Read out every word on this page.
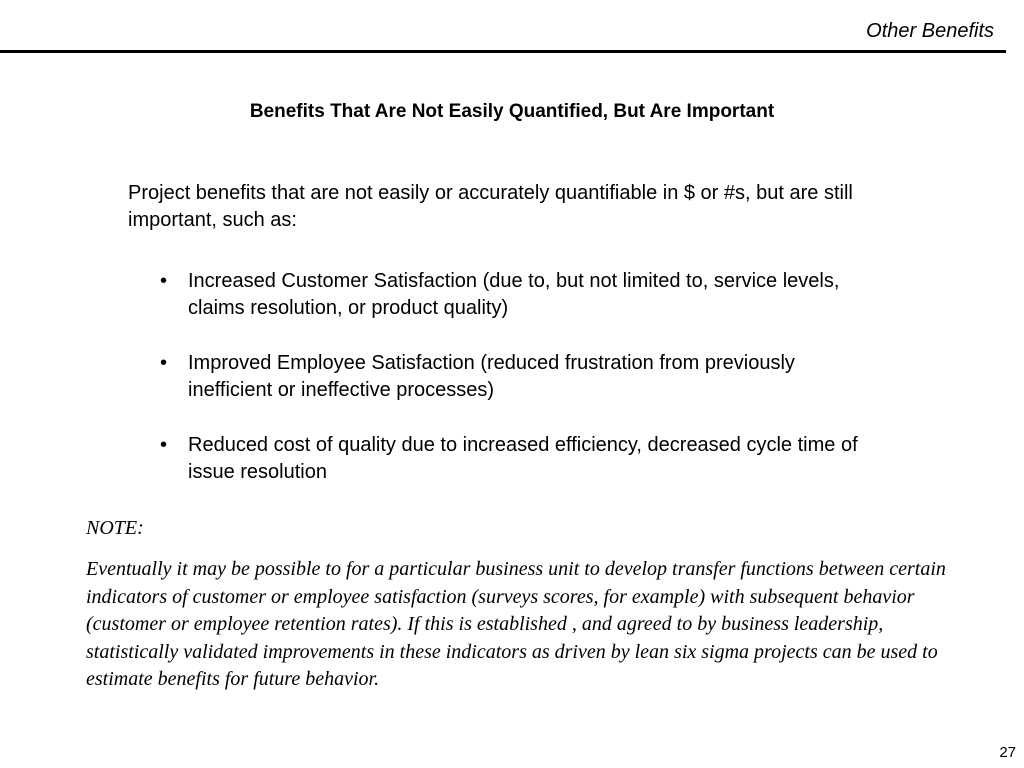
Other Benefits
Benefits That Are Not Easily Quantified, But Are Important

Project benefits that are not easily or accurately quantifiable in $ or #s, but are still important, such as:

•	Increased Customer Satisfaction (due to, but not limited to, service levels, claims resolution, or product quality)
•	Improved Employee Satisfaction (reduced frustration from previously inefficient or ineffective processes)
•	Reduced cost of quality due to increased efficiency, decreased cycle time of issue resolution
NOTE:

Eventually it may be possible to for a particular business unit to develop transfer functions between certain indicators of customer or employee satisfaction (surveys scores, for example) with subsequent behavior (customer or employee retention rates). If this is established , and agreed to by business leadership, statistically validated improvements in these indicators as driven by lean six sigma projects can be used to estimate benefits for future behavior.

27
